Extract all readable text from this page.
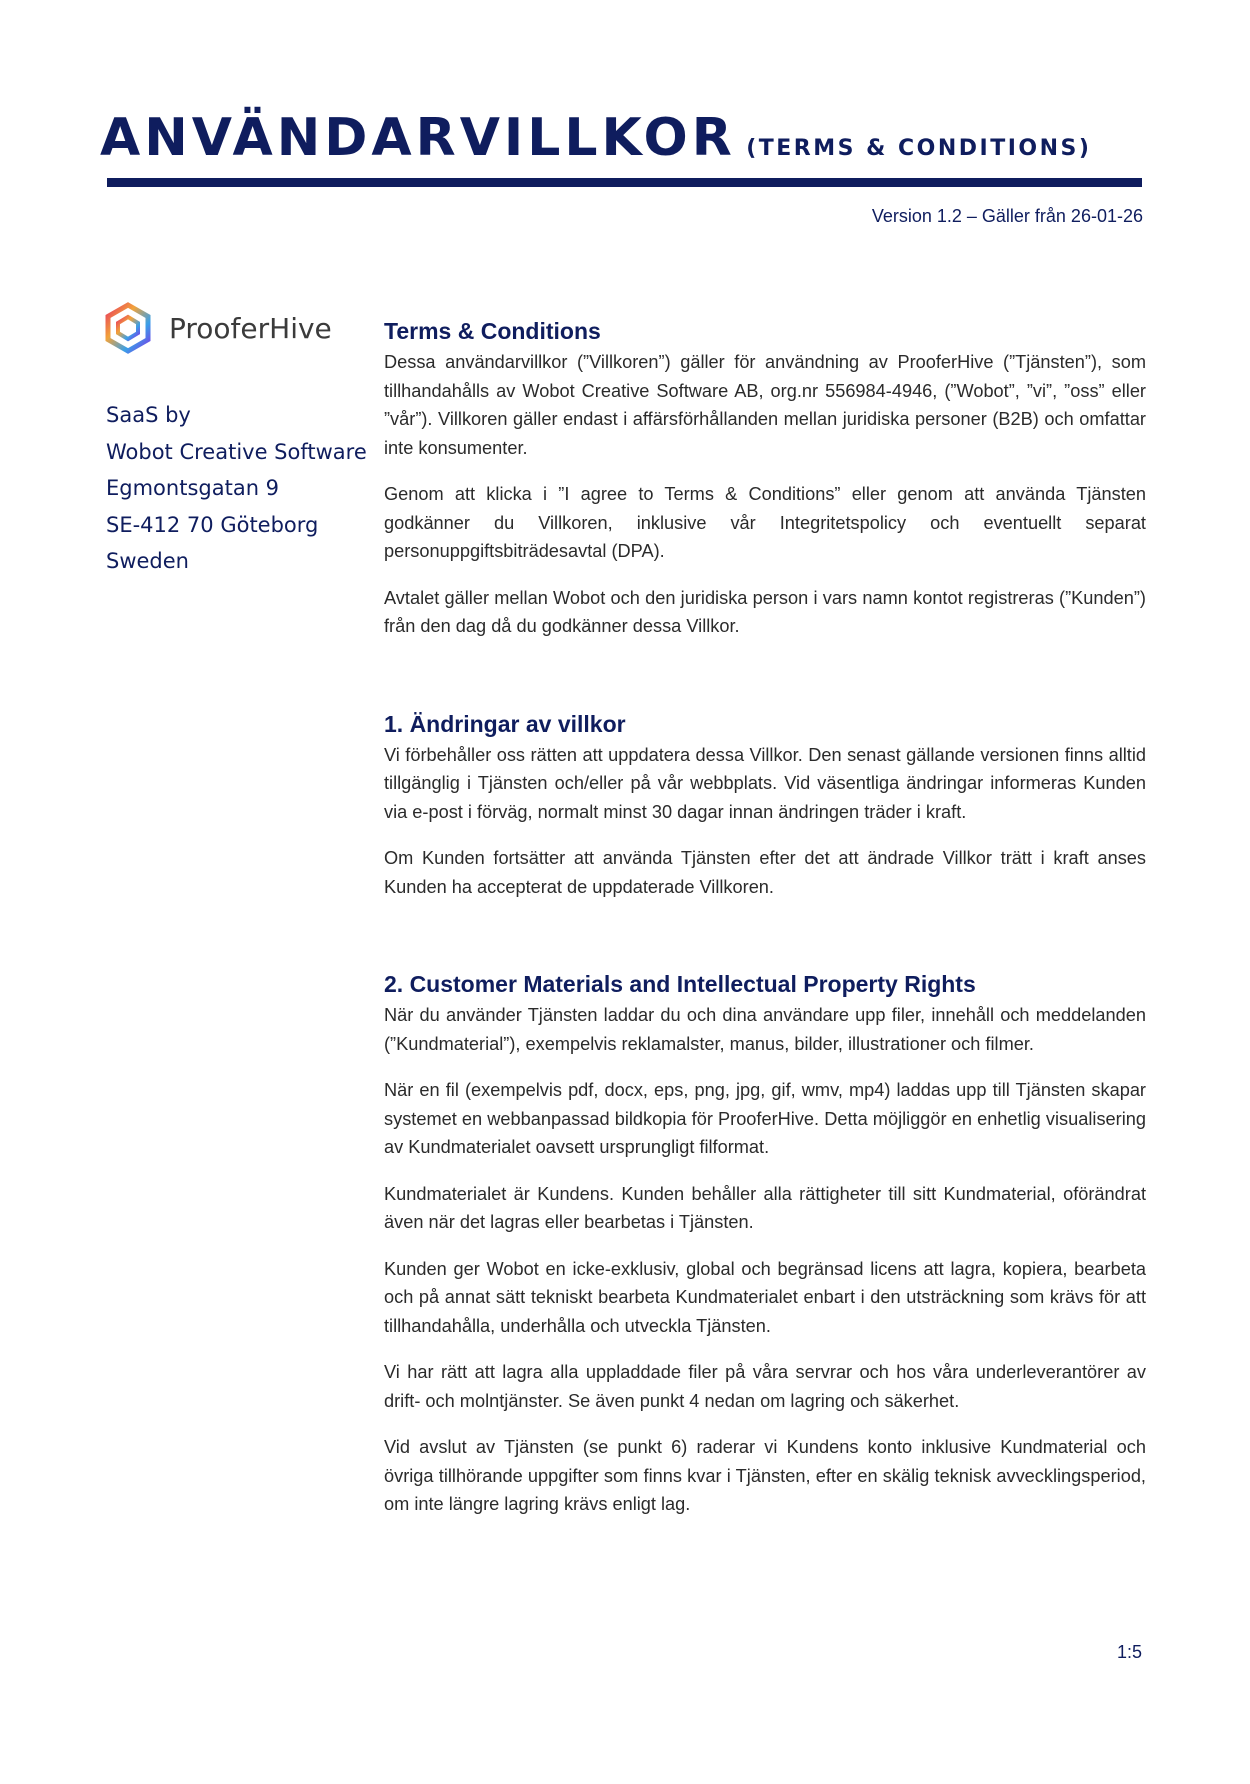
ANVÄNDARVILLKOR (TERMS & CONDITIONS)
Version 1.2 – Gäller från 26-01-26
ProoferHive
SaaS by
Wobot Creative Software
Egmontsgatan 9
SE-412 70 Göteborg
Sweden
Terms & Conditions

Dessa användarvillkor (”Villkoren”) gäller för användning av ProoferHive (”Tjänsten”), som tillhandahålls av Wobot Creative Software AB, org.nr 556984-4946, (”Wobot”, ”vi”, ”oss” eller ”vår”). Villkoren gäller endast i affärsförhållanden mellan juridiska personer (B2B) och omfattar inte konsumenter.

Genom att klicka i ”I agree to Terms & Conditions” eller genom att använda Tjänsten godkänner du Villkoren, inklusive vår Integritetspolicy och eventuellt separat personuppgiftsbiträdesavtal (DPA).

Avtalet gäller mellan Wobot och den juridiska person i vars namn kontot registreras (”Kunden”) från den dag då du godkänner dessa Villkor.

1. Ändringar av villkor

Vi förbehåller oss rätten att uppdatera dessa Villkor. Den senast gällande versionen finns alltid tillgänglig i Tjänsten och/eller på vår webbplats. Vid väsentliga ändringar informeras Kunden via e-post i förväg, normalt minst 30 dagar innan ändringen träder i kraft.

Om Kunden fortsätter att använda Tjänsten efter det att ändrade Villkor trätt i kraft anses Kunden ha accepterat de uppdaterade Villkoren.

2. Customer Materials and Intellectual Property Rights

När du använder Tjänsten laddar du och dina användare upp filer, innehåll och meddelanden (”Kundmaterial”), exempelvis reklamalster, manus, bilder, illustrationer och filmer.

När en fil (exempelvis pdf, docx, eps, png, jpg, gif, wmv, mp4) laddas upp till Tjänsten skapar systemet en webbanpassad bildkopia för ProoferHive. Detta möjliggör en enhetlig visualisering av Kundmaterialet oavsett ursprungligt filformat.

Kundmaterialet är Kundens. Kunden behåller alla rättigheter till sitt Kundmaterial, oförändrat även när det lagras eller bearbetas i Tjänsten.

Kunden ger Wobot en icke-exklusiv, global och begränsad licens att lagra, kopiera, bearbeta och på annat sätt tekniskt bearbeta Kundmaterialet enbart i den utsträckning som krävs för att tillhandahålla, underhålla och utveckla Tjänsten.

Vi har rätt att lagra alla uppladdade filer på våra servrar och hos våra underleverantörer av drift- och molntjänster. Se även punkt 4 nedan om lagring och säkerhet.

Vid avslut av Tjänsten (se punkt 6) raderar vi Kundens konto inklusive Kundmaterial och övriga tillhörande uppgifter som finns kvar i Tjänsten, efter en skälig teknisk avvecklingsperiod, om inte längre lagring krävs enligt lag.

1:5
